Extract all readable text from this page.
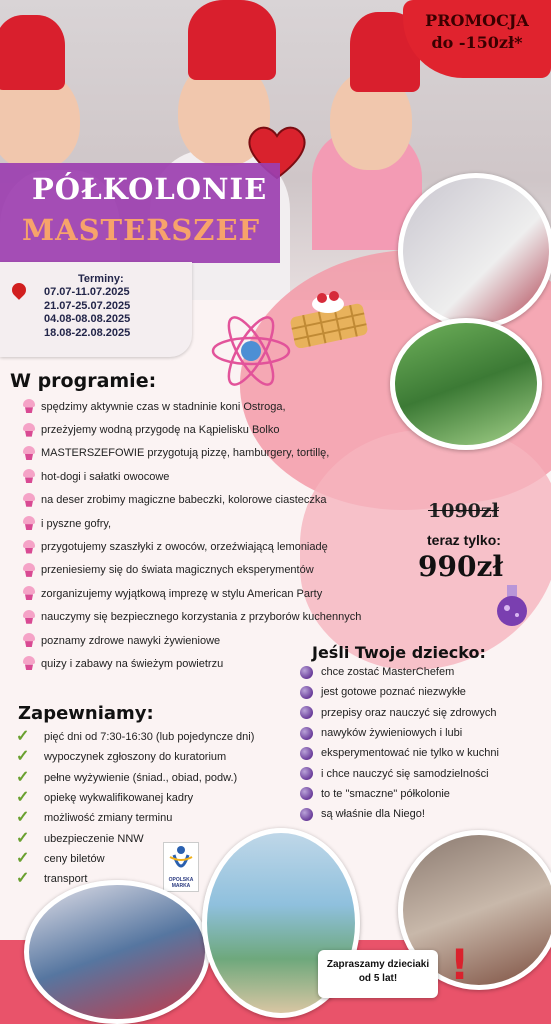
PROMOCJA
do -150zł*
PÓŁKOLONIE
MASTERSZEF
Terminy:
07.07-11.07.2025
21.07-25.07.2025
04.08-08.08.2025
18.08-22.08.2025
W programie:
spędzimy aktywnie czas w stadninie koni Ostroga,
przeżyjemy wodną przygodę na Kąpielisku Bolko
MASTERSZEFOWIE przygotują pizzę, hamburgery, tortillę,
hot-dogi i sałatki owocowe
na deser zrobimy magiczne babeczki, kolorowe ciasteczka
i pyszne gofry,
przygotujemy szaszłyki z owoców, orzeźwiającą lemoniadę
przeniesiemy się do świata magicznych eksperymentów
zorganizujemy wyjątkową imprezę w stylu American Party
nauczymy się bezpiecznego korzystania z przyborów kuchennych
poznamy zdrowe nawyki żywieniowe
quizy i zabawy na świeżym powietrzu
1090zł
teraz tylko:
990zł
Jeśli Twoje dziecko:
chce zostać MasterChefem
jest gotowe poznać niezwykłe
przepisy oraz nauczyć się zdrowych
nawyków żywieniowych i lubi
eksperymentować nie tylko w kuchni
i chce nauczyć się samodzielności
to te "smaczne" półkolonie
są właśnie dla Niego!
Zapewniamy:
✓	pięć dni od 7:30-16:30 (lub pojedyncze dni)
✓	wypoczynek zgłoszony do kuratorium
✓	pełne wyżywienie (śniad., obiad, podw.)
✓	opiekę wykwalifikowanej kadry
✓	możliwość zmiany terminu
✓	ubezpieczenie NNW
✓	ceny biletów
✓	transport	OPOLSKA MARKA
Zapraszamy dzieciaki
od 5 lat!	!
